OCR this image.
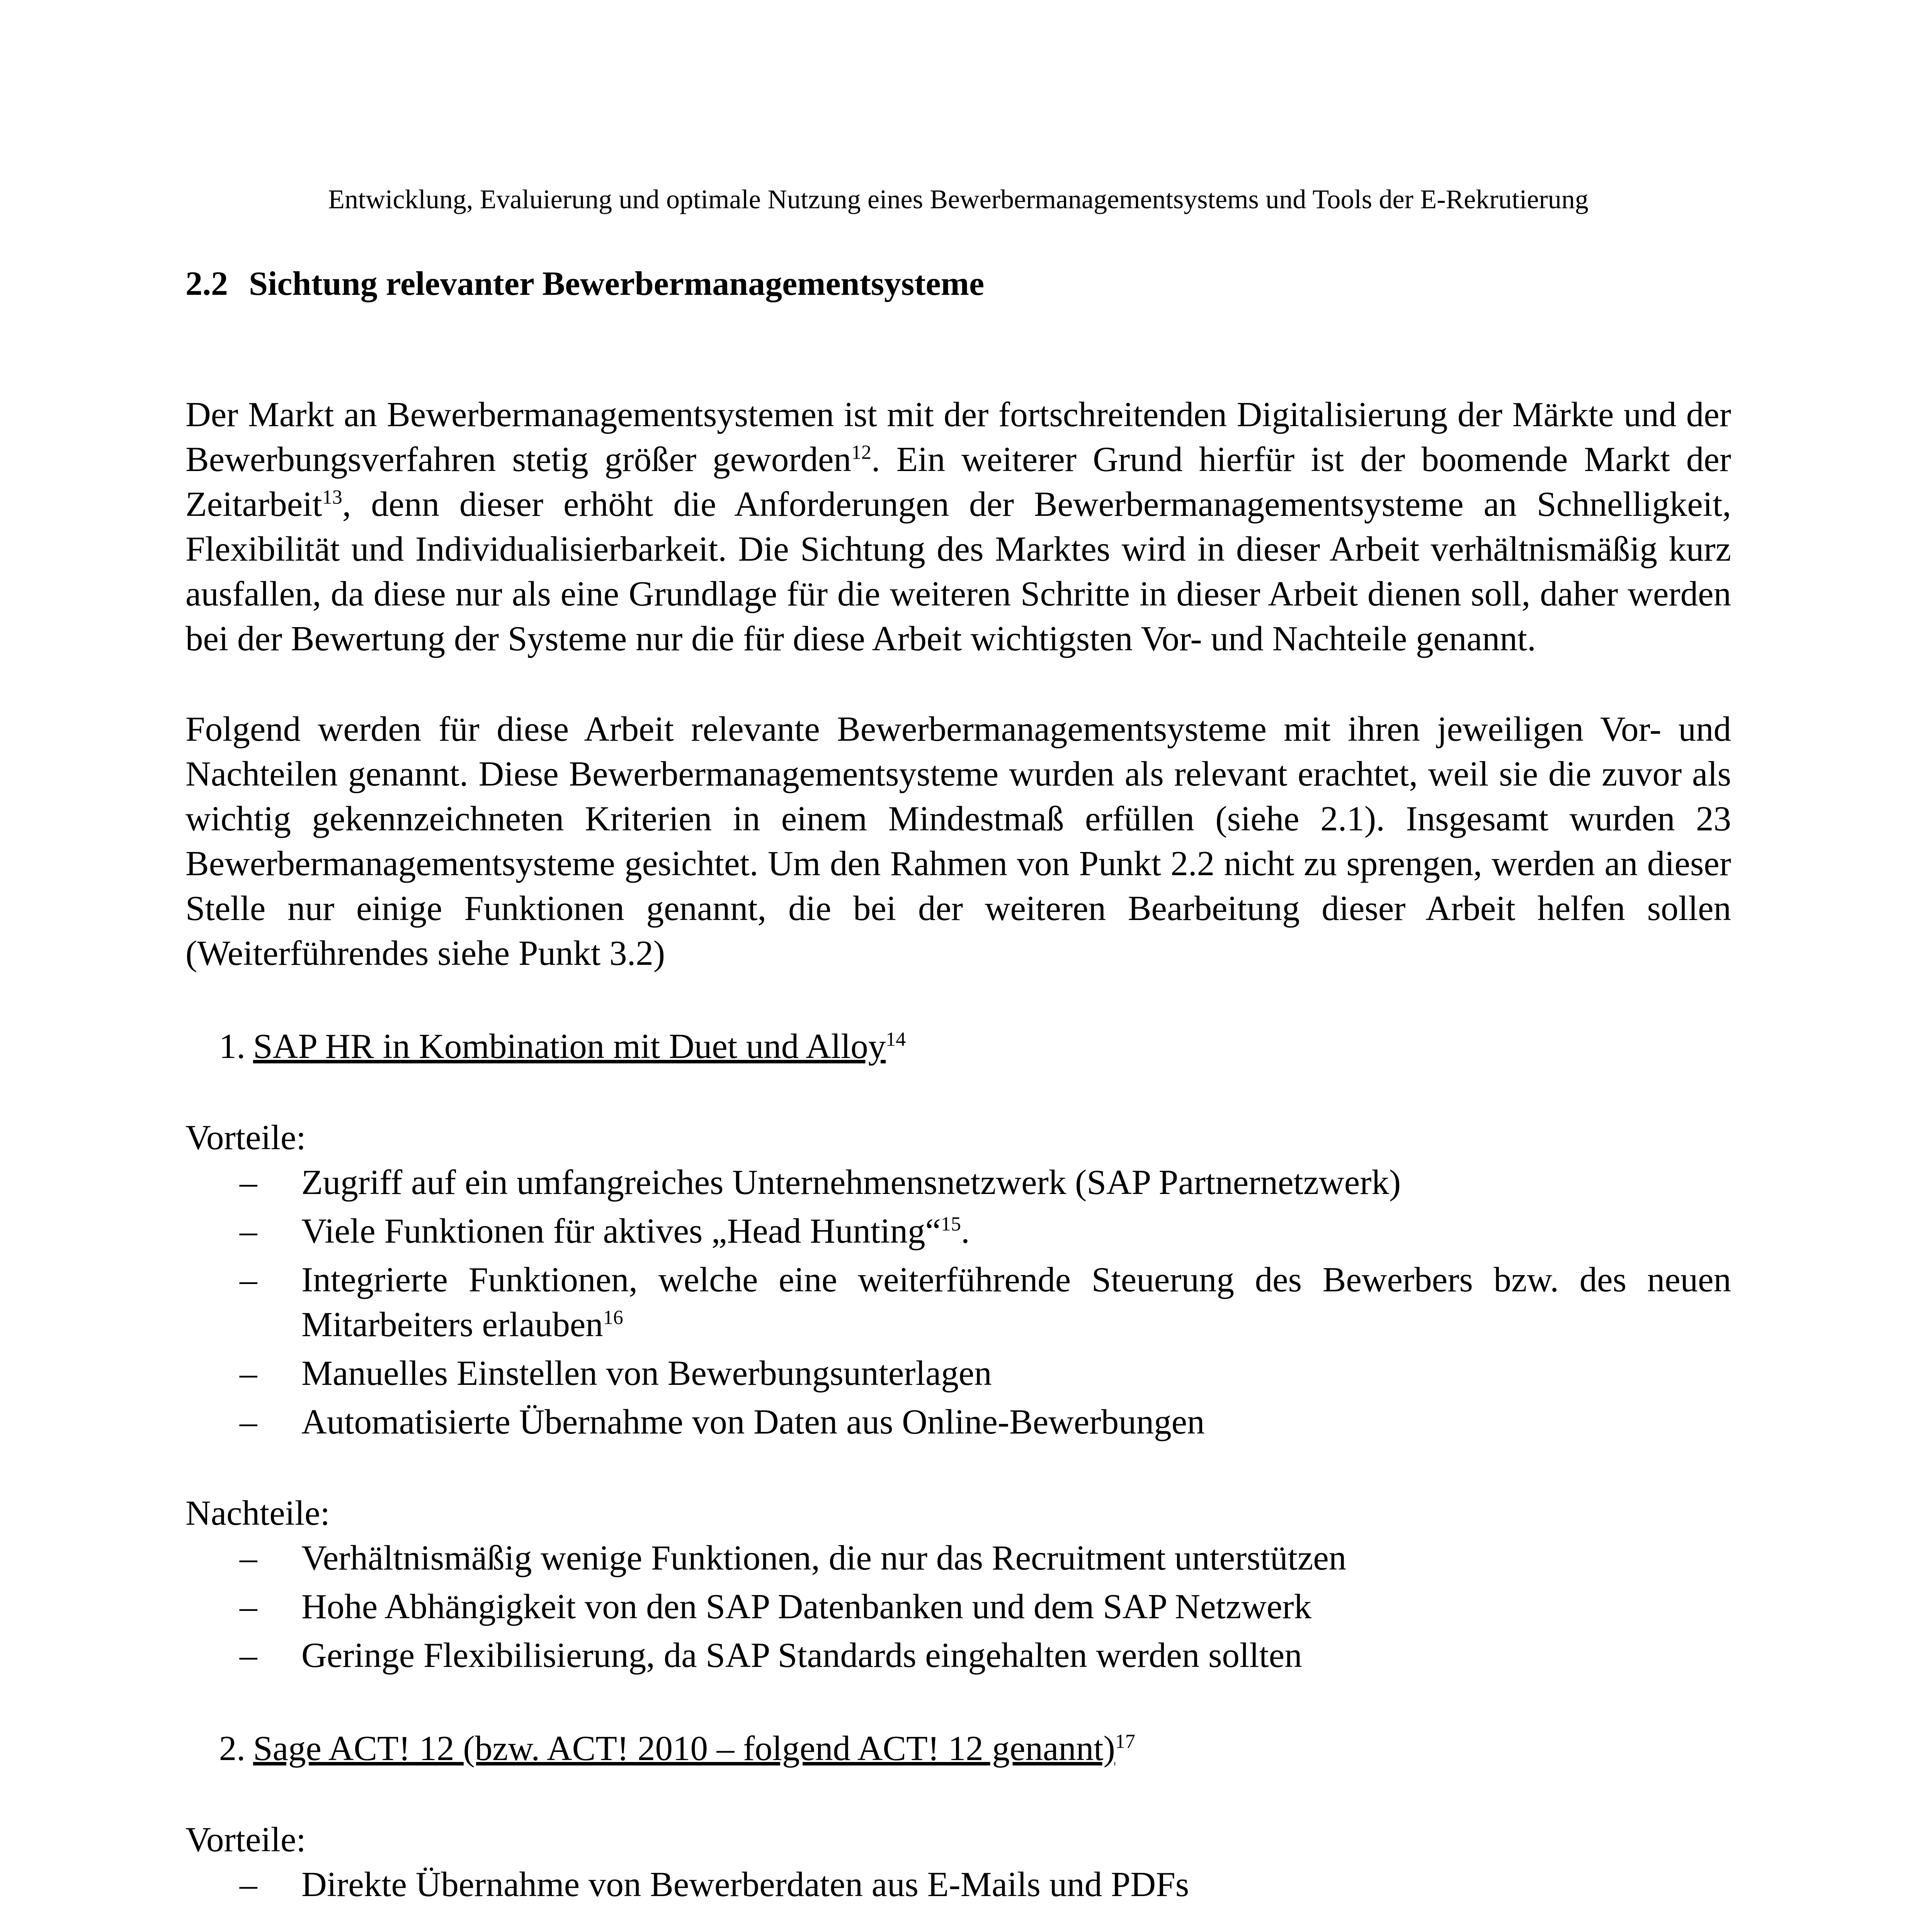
Entwicklung, Evaluierung und optimale Nutzung eines Bewerbermanagementsystems und Tools der E-Rekrutierung
2.2 Sichtung relevanter Bewerbermanagementsysteme

Der Markt an Bewerbermanagementsystemen ist mit der fortschreitenden Digitalisierung der Märkte und der Bewerbungsverfahren stetig größer geworden$^{12}$. Ein weiterer Grund hierfür ist der boomende Markt der Zeitarbeit$^{13}$, denn dieser erhöht die Anforderungen der Bewerbermanagementsysteme an Schnelligkeit, Flexibilität und Individualisierbarkeit. Die Sichtung des Marktes wird in dieser Arbeit verhältnismäßig kurz ausfallen, da diese nur als eine Grundlage für die weiteren Schritte in dieser Arbeit dienen soll, daher werden bei der Bewertung der Systeme nur die für diese Arbeit wichtigsten Vor- und Nachteile genannt.

Folgend werden für diese Arbeit relevante Bewerbermanagementsysteme mit ihren jeweiligen Vor- und Nachteilen genannt. Diese Bewerbermanagementsysteme wurden als relevant erachtet, weil sie die zuvor als wichtig gekennzeichneten Kriterien in einem Mindestmaß erfüllen (siehe 2.1). Insgesamt wurden 23 Bewerbermanagementsysteme gesichtet. Um den Rahmen von Punkt 2.2 nicht zu sprengen, werden an dieser Stelle nur einige Funktionen genannt, die bei der weiteren Bearbeitung dieser Arbeit helfen sollen (Weiterführendes siehe Punkt 3.2)

1. SAP HR in Kombination mit Duet und Alloy$^{14}$
Vorteile:
– Zugriff auf ein umfangreiches Unternehmensnetzwerk (SAP Partnernetzwerk)
– Viele Funktionen für aktives „Head Hunting“$^{15}$.
– Integrierte Funktionen, welche eine weiterführende Steuerung des Bewerbers bzw. des neuen Mitarbeiters erlauben$^{16}$
– Manuelles Einstellen von Bewerbungsunterlagen
– Automatisierte Übernahme von Daten aus Online-Bewerbungen
Nachteile:
– Verhältnismäßig wenige Funktionen, die nur das Recruitment unterstützen
– Hohe Abhängigkeit von den SAP Datenbanken und dem SAP Netzwerk
– Geringe Flexibilisierung, da SAP Standards eingehalten werden sollten
2. Sage ACT! 12 (bzw. ACT! 2010 – folgend ACT! 12 genannt)$^{17}$
Vorteile:
– Direkte Übernahme von Bewerberdaten aus E-Mails und PDFs
